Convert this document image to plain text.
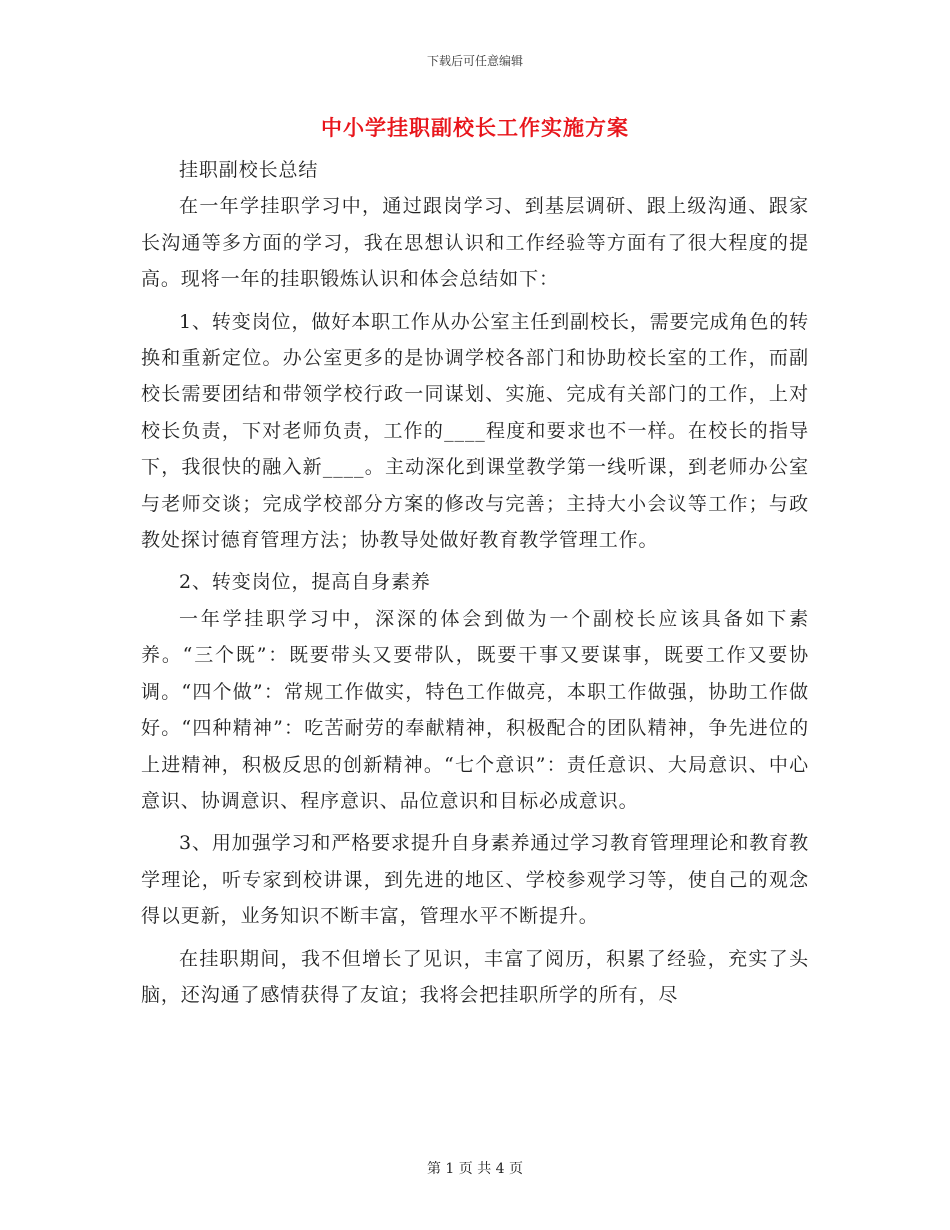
下载后可任意编辑
中小学挂职副校长工作实施方案

挂职副校长总结

在一年学挂职学习中，通过跟岗学习、到基层调研、跟上级沟通、跟家长沟通等多方面的学习，我在思想认识和工作经验等方面有了很大程度的提高。现将一年的挂职锻炼认识和体会总结如下：

1、转变岗位，做好本职工作从办公室主任到副校长，需要完成角色的转换和重新定位。办公室更多的是协调学校各部门和协助校长室的工作，而副校长需要团结和带领学校行政一同谋划、实施、完成有关部门的工作，上对校长负责，下对老师负责，工作的____程度和要求也不一样。在校长的指导下，我很快的融入新____。主动深化到课堂教学第一线听课，到老师办公室与老师交谈；完成学校部分方案的修改与完善；主持大小会议等工作；与政教处探讨德育管理方法；协教导处做好教育教学管理工作。

2、转变岗位，提高自身素养

一年学挂职学习中，深深的体会到做为一个副校长应该具备如下素养。“三个既”：既要带头又要带队，既要干事又要谋事，既要工作又要协调。“四个做”：常规工作做实，特色工作做亮，本职工作做强，协助工作做好。“四种精神”：吃苦耐劳的奉献精神，积极配合的团队精神，争先进位的上进精神，积极反思的创新精神。“七个意识”：责任意识、大局意识、中心意识、协调意识、程序意识、品位意识和目标必成意识。

3、用加强学习和严格要求提升自身素养通过学习教育管理理论和教育教学理论，听专家到校讲课，到先进的地区、学校参观学习等，使自己的观念得以更新，业务知识不断丰富，管理水平不断提升。

在挂职期间，我不但增长了见识，丰富了阅历，积累了经验，充实了头脑，还沟通了感情获得了友谊；我将会把挂职所学的所有，尽

第 1 页 共 4 页
